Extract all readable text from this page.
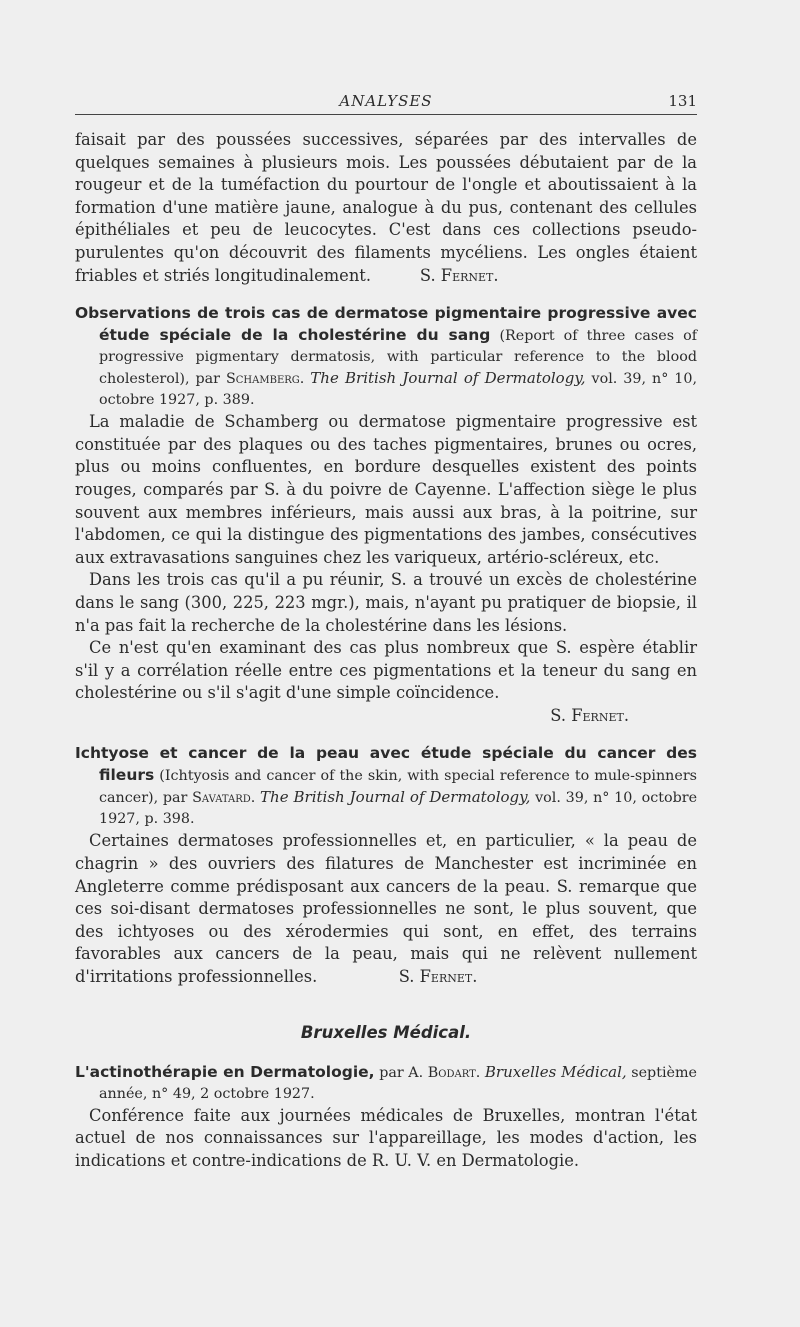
ANALYSES	131

faisait par des poussées successives, séparées par des intervalles de quelques semaines à plusieurs mois. Les poussées débutaient par de la rougeur et de la tuméfaction du pourtour de l'ongle et aboutissaient à la formation d'une matière jaune, analogue à du pus, contenant des cellules épithéliales et peu de leucocytes. C'est dans ces collections pseudo-purulentes qu'on découvrit des filaments mycéliens. Les ongles étaient friables et striés longitudinalement.   	S. Fernet.

Observations de trois cas de dermatose pigmentaire progressive avec étude spéciale de la cholestérine du sang (Report of three cases of progressive pigmentary dermatosis, with particular reference to the blood cholesterol), par Schamberg. The British Journal of Dermatology, vol. 39, n° 10, octobre 1927, p. 389.

La maladie de Schamberg ou dermatose pigmentaire progressive est constituée par des plaques ou des taches pigmentaires, brunes ou ocres, plus ou moins confluentes, en bordure desquelles existent des points rouges, comparés par S. à du poivre de Cayenne. L'affection siège le plus souvent aux membres inférieurs, mais aussi aux bras, à la poitrine, sur l'abdomen, ce qui la distingue des pigmentations des jambes, consécutives aux extravasations sanguines chez les variqueux, artério-scléreux, etc.

Dans les trois cas qu'il a pu réunir, S. a trouvé un excès de cholestérine dans le sang (300, 225, 223 mgr.), mais, n'ayant pu pratiquer de biopsie, il n'a pas fait la recherche de la cholestérine dans les lésions.

Ce n'est qu'en examinant des cas plus nombreux que S. espère établir s'il y a corrélation réelle entre ces pigmentations et la teneur du sang en cholestérine ou s'il s'agit d'une simple coïncidence.

S. Fernet.

Ichtyose et cancer de la peau avec étude spéciale du cancer des fileurs (Ichtyosis and cancer of the skin, with special reference to mule-spinners cancer), par Savatard. The British Journal of Dermatology, vol. 39, n° 10, octobre 1927, p. 398.

Certaines dermatoses professionnelles et, en particulier, « la peau de chagrin » des ouvriers des filatures de Manchester est incriminée en Angleterre comme prédisposant aux cancers de la peau. S. remarque que ces soi-disant dermatoses professionnelles ne sont, le plus souvent, que des ichtyoses ou des xérodermies qui sont, en effet, des terrains favorables aux cancers de la peau, mais qui ne relèvent nullement d'irritations professionnelles.     	S. Fernet.

Bruxelles Médical.

L'actinothérapie en Dermatologie, par A. Bodart. Bruxelles Médical, septième année, n° 49, 2 octobre 1927.

Conférence faite aux journées médicales de Bruxelles, montran l'état actuel de nos connaissances sur l'appareillage, les modes d'action, les indications et contre-indications de R. U. V. en Dermatologie.
